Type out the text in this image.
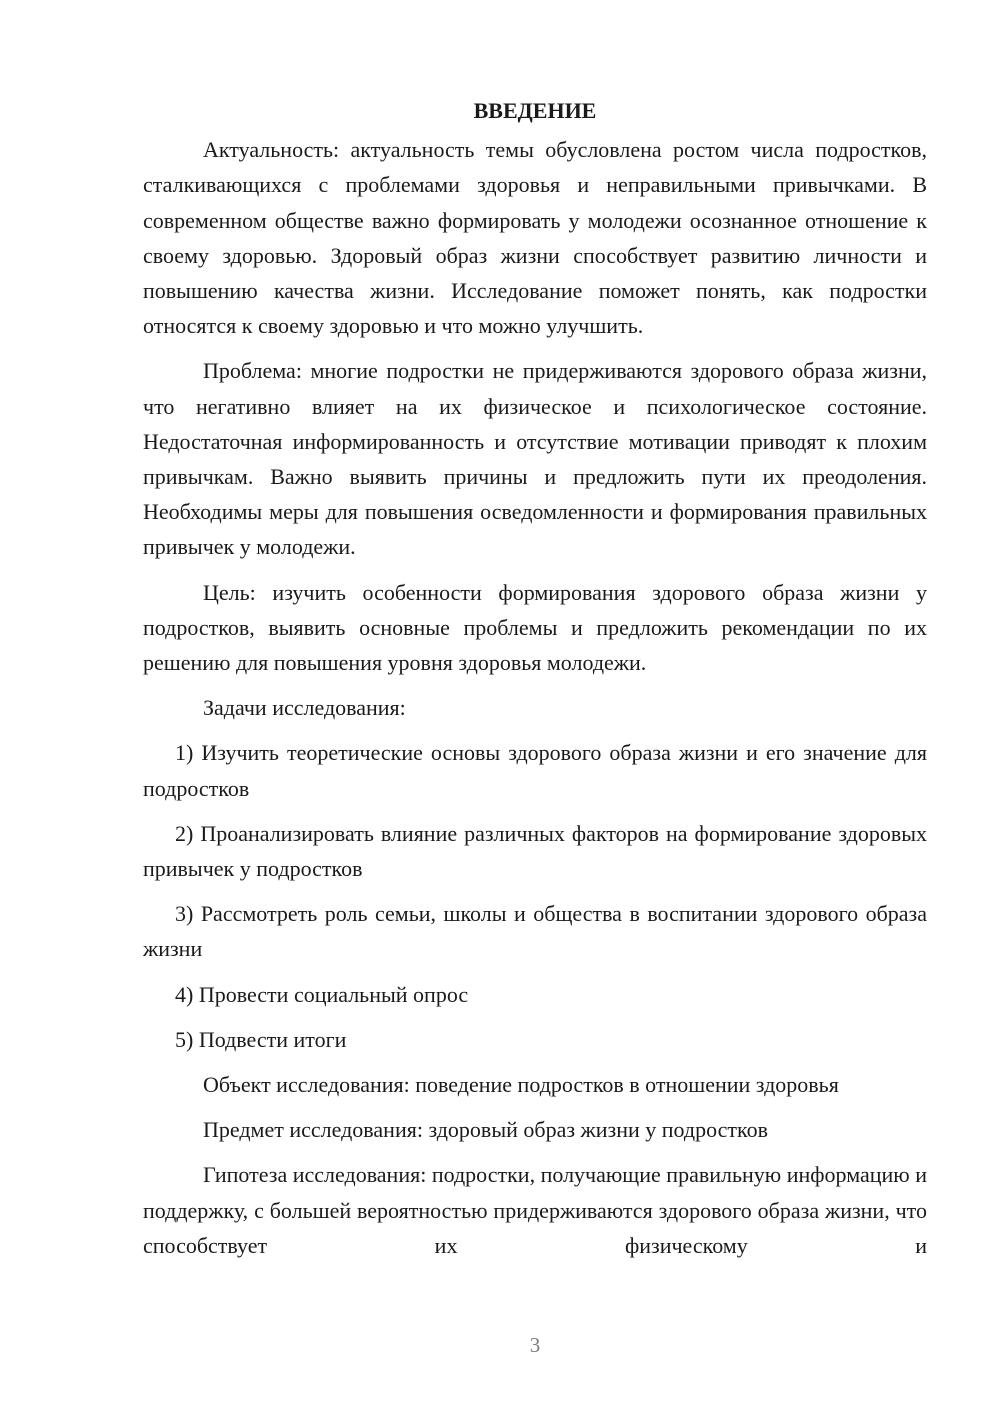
ВВЕДЕНИЕ

Актуальность: актуальность темы обусловлена ростом числа подростков, сталкивающихся с проблемами здоровья и неправильными привычками. В современном обществе важно формировать у молодежи осознанное отношение к своему здоровью. Здоровый образ жизни способствует развитию личности и повышению качества жизни. Исследование поможет понять, как подростки относятся к своему здоровью и что можно улучшить.

Проблема: многие подростки не придерживаются здорового образа жизни, что негативно влияет на их физическое и психологическое состояние. Недостаточная информированность и отсутствие мотивации приводят к плохим привычкам. Важно выявить причины и предложить пути их преодоления. Необходимы меры для повышения осведомленности и формирования правильных привычек у молодежи.

Цель: изучить особенности формирования здорового образа жизни у подростков, выявить основные проблемы и предложить рекомендации по их решению для повышения уровня здоровья молодежи.

Задачи исследования:

1) Изучить теоретические основы здорового образа жизни и его значение для подростков

2) Проанализировать влияние различных факторов на формирование здоровых привычек у подростков

3) Рассмотреть роль семьи, школы и общества в воспитании здорового образа жизни

4) Провести социальный опрос

5) Подвести итоги

Объект исследования: поведение подростков в отношении здоровья

Предмет исследования: здоровый образ жизни у подростков

Гипотеза исследования: подростки, получающие правильную информацию и поддержку, с большей вероятностью придерживаются здорового образа жизни, что способствует их физическому и

3
